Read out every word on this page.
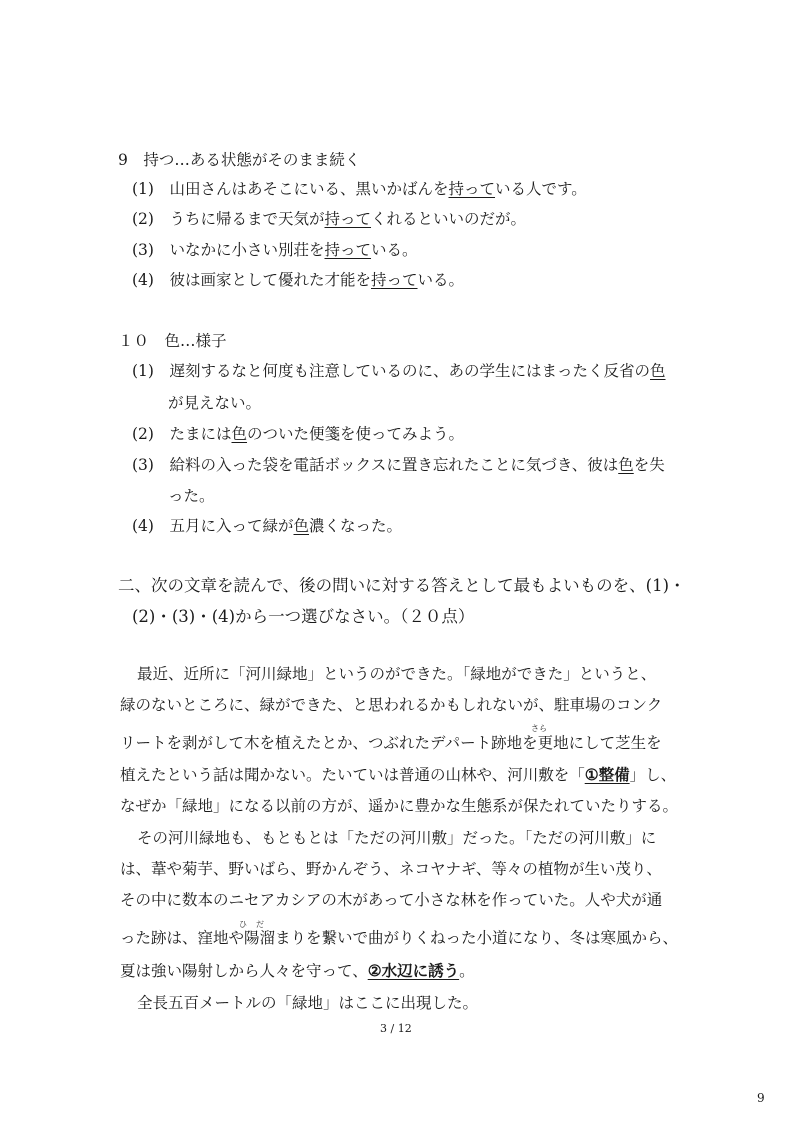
9　持つ…ある状態がそのまま続く
(1)　 山田さんはあそこにいる、黒いかばんを持っている人です。
(2)　 うちに帰るまで天気が持ってくれるといいのだが。
(3)　 いなかに小さい別荘を持っている。
(4)　 彼は画家として優れた才能を持っている。
１０　色…様子
(1)　 遅刻するなと何度も注意しているのに、あの学生にはまったく反省の色
が見えない。
(2)　 たまには色のついた便箋を使ってみよう。
(3)　 給料の入った袋を電話ボックスに置き忘れたことに気づき、彼は色を失
った。
(4)　 五月に入って緑が色濃くなった。
二、次の文章を読んで、後の問いに対する答えとして最もよいものを、(1)・
(2)・(3)・(4)から一つ選びなさい。（２０点）
最近、近所に「河川緑地」というのができた。「緑地ができた」というと、
緑のないところに、緑ができた、と思われるかもしれないが、駐車場のコンク
さら
リートを剥がして木を植えたとか、つぶれたデパート跡地を更地にして芝生を
植えたという話は聞かない。たいていは普通の山林や、河川敷を「①整備」し、
なぜか「緑地」になる以前の方が、遥かに豊かな生態系が保たれていたりする。
その河川緑地も、もともとは「ただの河川敷」だった。「ただの河川敷」に
は、葦や菊芋、野いばら、野かんぞう、ネコヤナギ、等々の植物が生い茂り、
その中に数本のニセアカシアの木があって小さな林を作っていた。人や犬が通
ひ だ
った跡は、窪地や陽溜まりを繋いで曲がりくねった小道になり、冬は寒風から、
夏は強い陽射しから人々を守って、②水辺に誘う。
全長五百メートルの「緑地」はここに出現した。
3 / 12
9
